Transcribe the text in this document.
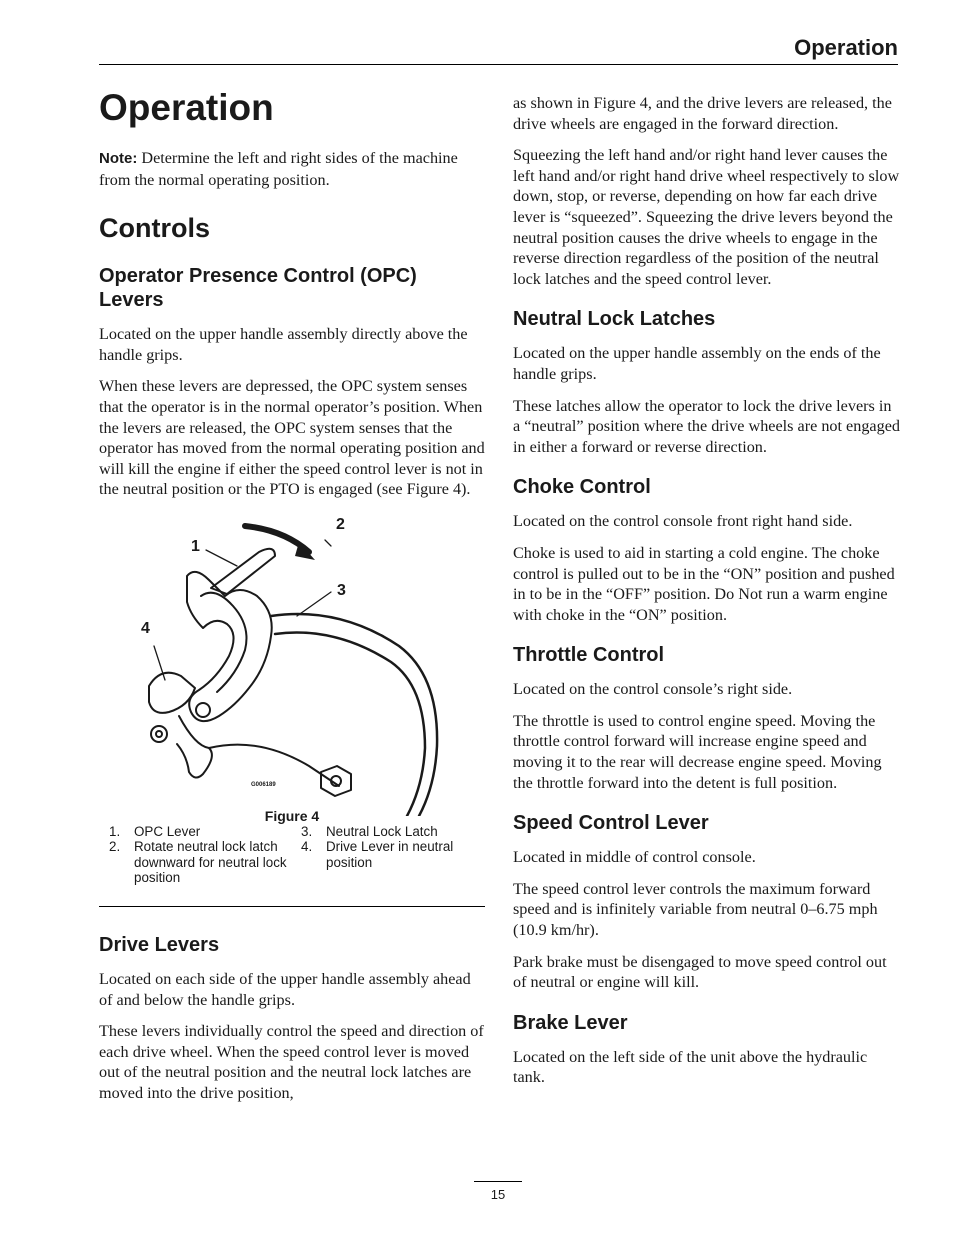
Operation
Operation

Note: Determine the left and right sides of the machine from the normal operating position.

Controls
Operator Presence Control (OPC) Levers

Located on the upper handle assembly directly above the handle grips.

When these levers are depressed, the OPC system senses that the operator is in the normal operator’s position. When the levers are released, the OPC system senses that the operator has moved from the normal operating position and will kill the engine if either the speed control lever is not in the neutral position or the PTO is engaged (see Figure 4).

1
2
3
4
G006189
Figure 4
1.	OPC Lever	3.	Neutral Lock Latch
2.	Rotate neutral lock latch downward for neutral lock position
4.	Drive Lever in neutral position
Drive Levers

Located on each side of the upper handle assembly ahead of and below the handle grips.

These levers individually control the speed and direction of each drive wheel. When the speed control lever is moved out of the neutral position and the neutral lock latches are moved into the drive position,

as shown in Figure 4, and the drive levers are released, the drive wheels are engaged in the forward direction.

Squeezing the left hand and/or right hand lever causes the left hand and/or right hand drive wheel respectively to slow down, stop, or reverse, depending on how far each drive lever is “squeezed”. Squeezing the drive levers beyond the neutral position causes the drive wheels to engage in the reverse direction regardless of the position of the neutral lock latches and the speed control lever.

Neutral Lock Latches

Located on the upper handle assembly on the ends of the handle grips.

These latches allow the operator to lock the drive levers in a “neutral” position where the drive wheels are not engaged in either a forward or reverse direction.

Choke Control

Located on the control console front right hand side.

Choke is used to aid in starting a cold engine. The choke control is pulled out to be in the “ON” position and pushed in to be in the “OFF” position. Do Not run a warm engine with choke in the “ON” position.

Throttle Control

Located on the control console’s right side.

The throttle is used to control engine speed. Moving the throttle control forward will increase engine speed and moving it to the rear will decrease engine speed. Moving the throttle forward into the detent is full position.

Speed Control Lever

Located in middle of control console.

The speed control lever controls the maximum forward speed and is infinitely variable from neutral 0–6.75 mph (10.9 km/hr).

Park brake must be disengaged to move speed control out of neutral or engine will kill.

Brake Lever

Located on the left side of the unit above the hydraulic tank.

15
